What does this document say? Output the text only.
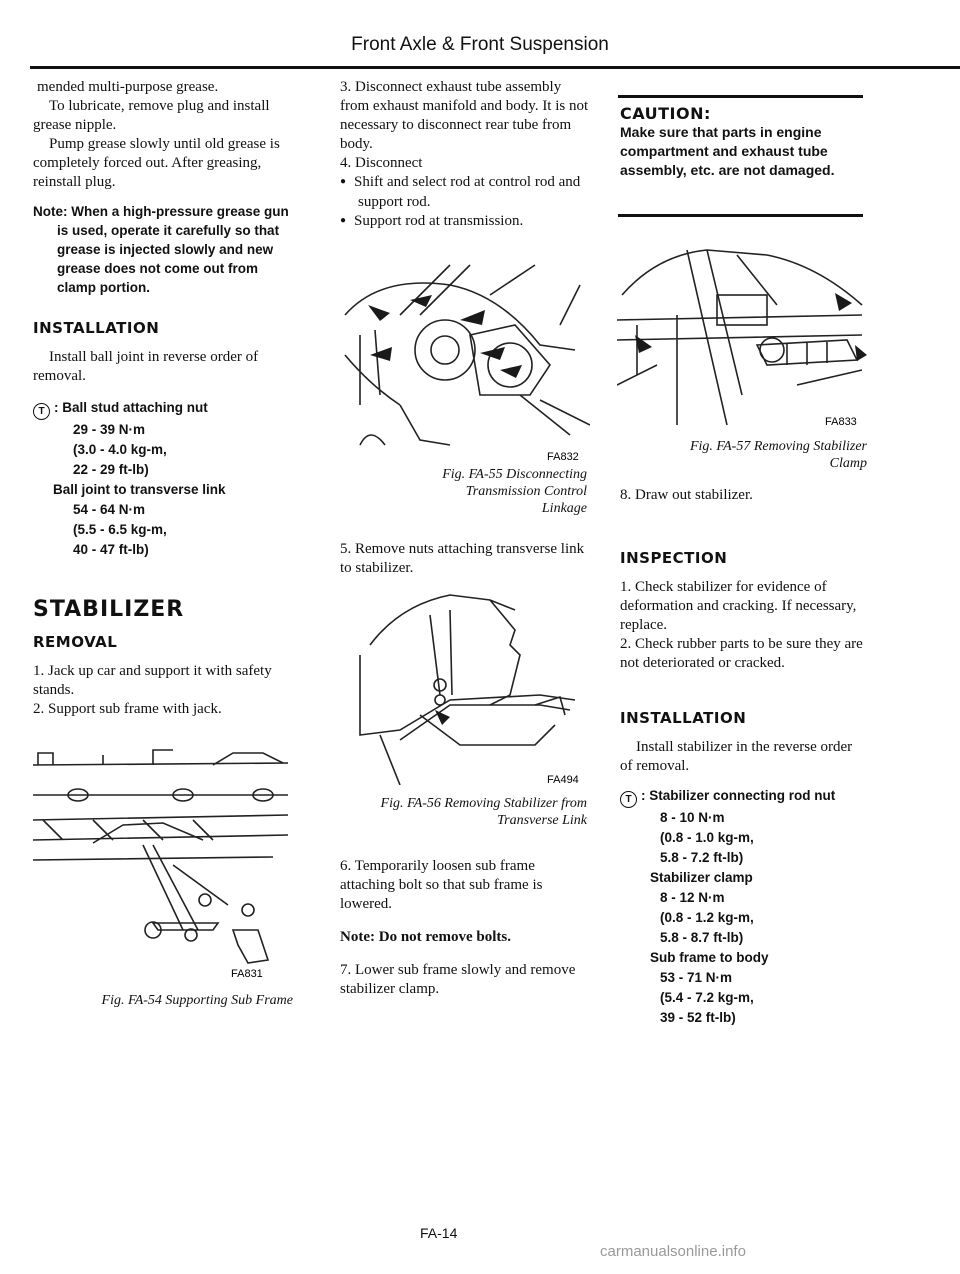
Front Axle & Front Suspension

mended multi-purpose grease.

To lubricate, remove plug and install grease nipple.

Pump grease slowly until old grease is completely forced out. After greasing, reinstall plug.

Note: When a high-pressure grease gun is used, operate it carefully so that grease is injected slowly and new grease does not come out from clamp portion.

INSTALLATION

Install ball joint in reverse order of removal.

T : Ball stud attaching nut
29 - 39 N·m
(3.0 - 4.0 kg-m,
22 - 29 ft-lb)
Ball joint to transverse link
54 - 64 N·m
(5.5 - 6.5 kg-m,
40 - 47 ft-lb)

STABILIZER

REMOVAL

1. Jack up car and support it with safety stands.

2. Support sub frame with jack.

FA831
Fig. FA-54 Supporting Sub Frame

3. Disconnect exhaust tube assembly from exhaust manifold and body. It is not necessary to disconnect rear tube from body.

4. Disconnect

● Shift and select rod at control rod and support rod.

● Support rod at transmission.

FA832
Fig. FA-55 Disconnecting
Transmission Control
Linkage

5. Remove nuts attaching transverse link to stabilizer.

FA494
Fig. FA-56 Removing Stabilizer from
Transverse Link

6. Temporarily loosen sub frame attaching bolt so that sub frame is lowered.

Note: Do not remove bolts.

7. Lower sub frame slowly and remove stabilizer clamp.

CAUTION:

Make sure that parts in engine compartment and exhaust tube assembly, etc. are not damaged.

FA833
Fig. FA-57 Removing Stabilizer
Clamp

8. Draw out stabilizer.

INSPECTION

1. Check stabilizer for evidence of deformation and cracking. If necessary, replace.

2. Check rubber parts to be sure they are not deteriorated or cracked.

INSTALLATION

Install stabilizer in the reverse order of removal.

T : Stabilizer connecting rod nut
8 - 10 N·m
(0.8 - 1.0 kg-m,
5.8 - 7.2 ft-lb)
Stabilizer clamp
8 - 12 N·m
(0.8 - 1.2 kg-m,
5.8 - 8.7 ft-lb)
Sub frame to body
53 - 71 N·m
(5.4 - 7.2 kg-m,
39 - 52 ft-lb)
FA-14
carmanualsonline.info
